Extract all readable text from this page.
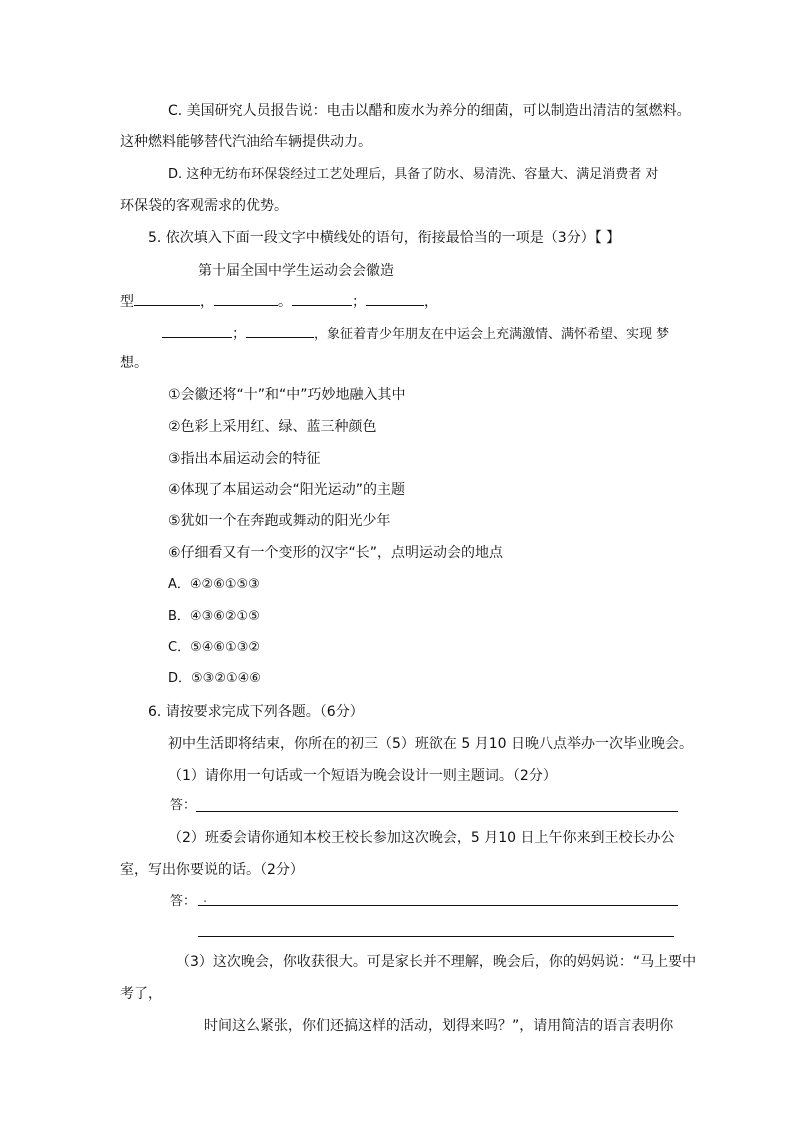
C. 美国研究人员报告说：电击以醋和废水为养分的细菌，可以制造出清洁的氢燃料。
这种燃料能够替代汽油给车辆提供动力。
D. 这种无纺布环保袋经过工艺处理后，具备了防水、易清洗、容量大、满足消费者 对
环保袋的客观需求的优势。
5. 依次填入下面一段文字中横线处的语句，衔接最恰当的一项是（3分）【 】
第十届全国中学生运动会会徽造
型	，	。	；	，
；	，象征着青少年朋友在中运会上充满激情、满怀希望、实现 梦
想。
①会徽还将“十”和“中”巧妙地融入其中
②色彩上采用红、绿、蓝三种颜色
③指出本届运动会的特征
④体现了本届运动会“阳光运动”的主题
⑤犹如一个在奔跑或舞动的阳光少年
⑥仔细看又有一个变形的汉字“长”，点明运动会的地点
A．④②⑥①⑤③
B．④③⑥②①⑤
C．⑤④⑥①③②
D．⑤③②①④⑥
6. 请按要求完成下列各题。（6分）
初中生活即将结束，你所在的初三（5）班欲在 5 月10 日晚八点举办一次毕业晚会。
（1）请你用一句话或一个短语为晚会设计一则主题词。（2分）
答：
（2）班委会请你通知本校王校长参加这次晚会，5 月10 日上午你来到王校长办公
室，写出你要说的话。（2分）
答： .
（3）这次晚会，你收获很大。可是家长并不理解，晚会后，你的妈妈说：“马上要中
考了，
时间这么紧张，你们还搞这样的活动，划得来吗？”，请用简洁的语言表明你
